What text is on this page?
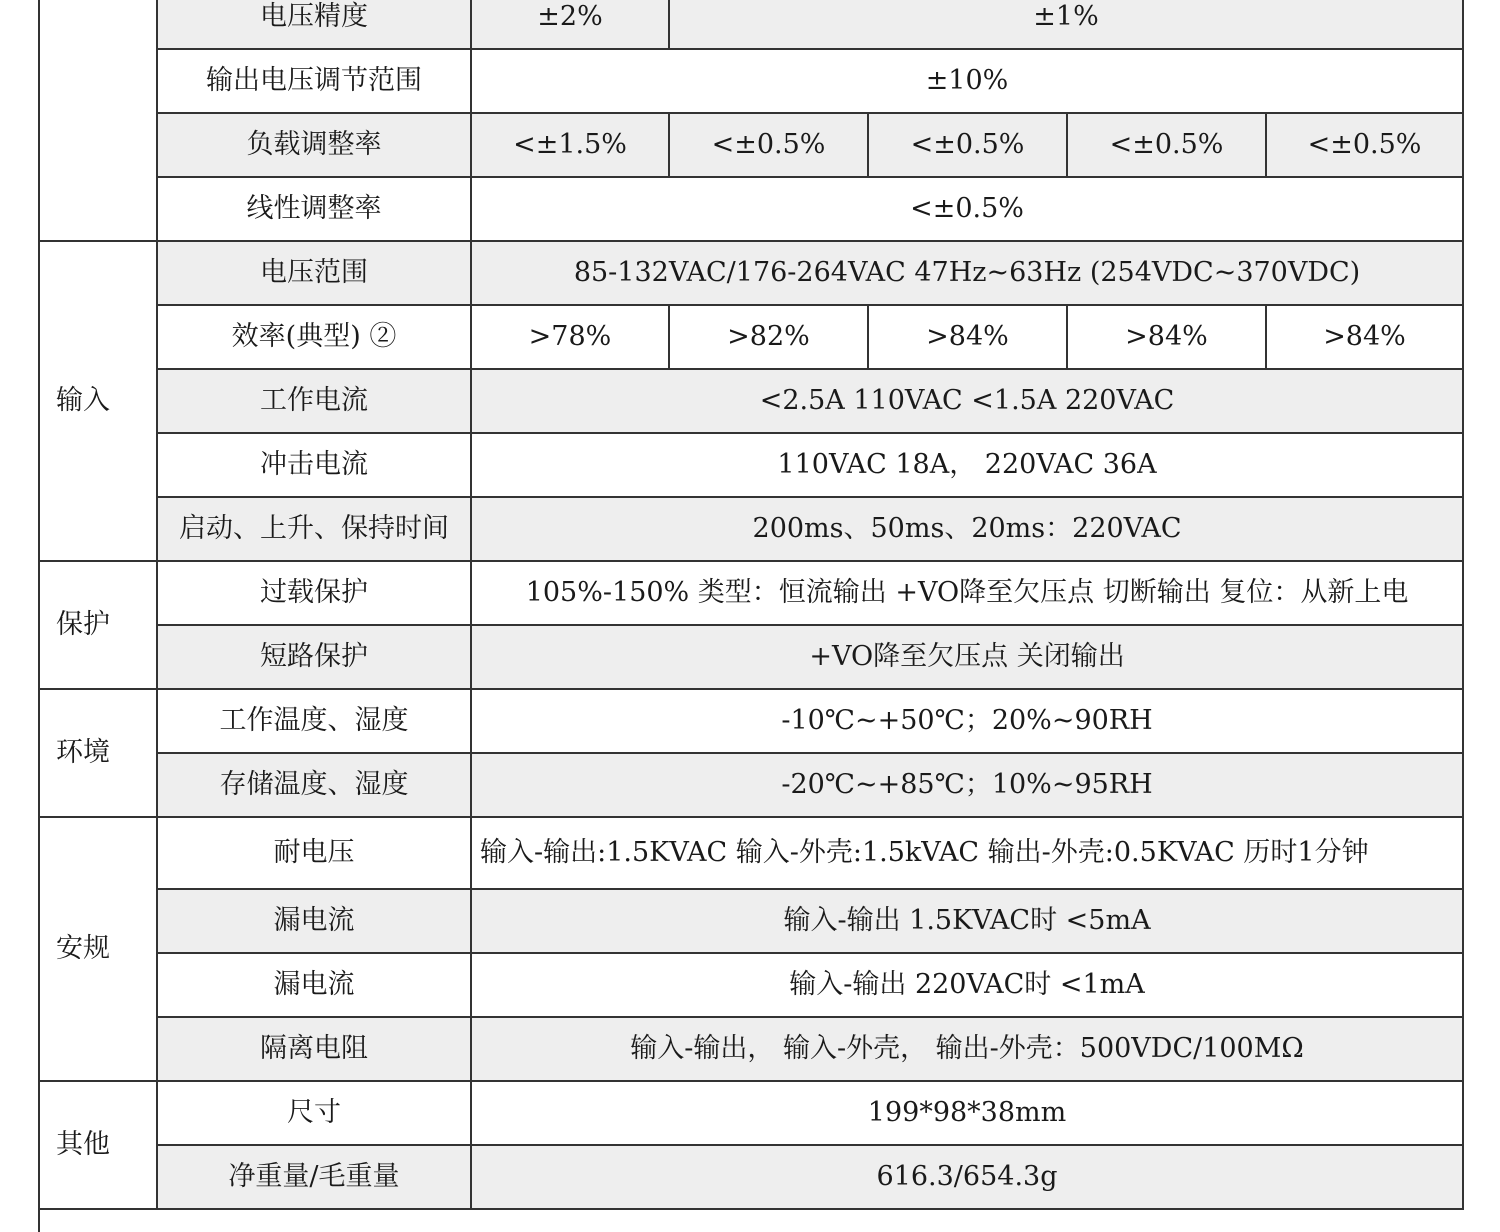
	电压精度	±2%	±1%			
	输出电压调节范围	±10%				
	负载调整率	<±1.5%	<±0.5%	<±0.5%	<±0.5%	<±0.5%
	线性调整率	<±0.5%				
输入	电压范围	85-132VAC/176-264VAC 47Hz~63Hz (254VDC~370VDC)				
	效率(典型) ②	>78%	>82%	>84%	>84%	>84%
	工作电流	<2.5A 110VAC <1.5A 220VAC				
	冲击电流	110VAC 18A， 220VAC 36A				
	启动、上升、保持时间	200ms、50ms、20ms：220VAC				
保护	过载保护	105%-150% 类型：恒流输出 +VO降至欠压点 切断输出 复位：从新上电				
	短路保护	+VO降至欠压点 关闭输出				
环境	工作温度、湿度	-10℃~+50℃；20%~90RH				
	存储温度、湿度	-20℃~+85℃；10%~95RH				
安规	耐电压	输入-输出:1.5KVAC 输入-外壳:1.5kVAC 输出-外壳:0.5KVAC 历时1分钟				
	漏电流	输入-输出 1.5KVAC时 <5mA				
	漏电流	输入-输出 220VAC时 <1mA				
	隔离电阻	输入-输出， 输入-外壳， 输出-外壳：500VDC/100MΩ				
其他	尺寸	199*98*38mm				
	净重量/毛重量	616.3/654.3g				
